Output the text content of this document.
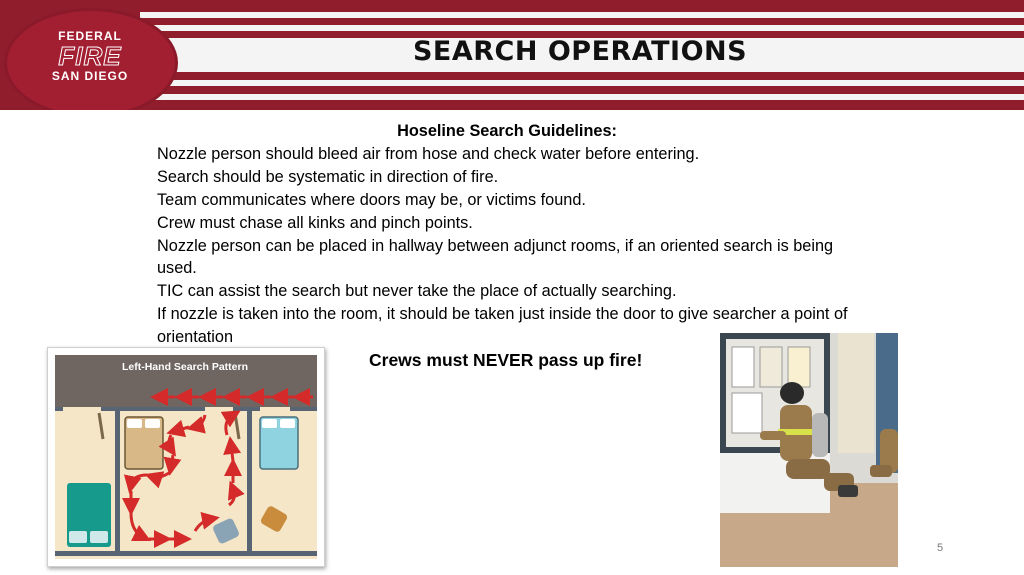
FEDERAL
FIRE
SAN DIEGO
SEARCH OPERATIONS
Hoseline Search Guidelines:

Nozzle person should bleed air from hose and check water before entering.

Search should be systematic in direction of fire.

Team communicates where doors may be, or victims found.

Crew must chase all kinks and pinch points.

Nozzle person can be placed in hallway between adjunct rooms, if an oriented search is being used.

TIC can assist the search but never take the place of actually searching.

If nozzle is taken into the room, it should be taken just inside the door to give searcher a point of orientation

Crews must NEVER pass up fire!
Left-Hand Search Pattern
5
